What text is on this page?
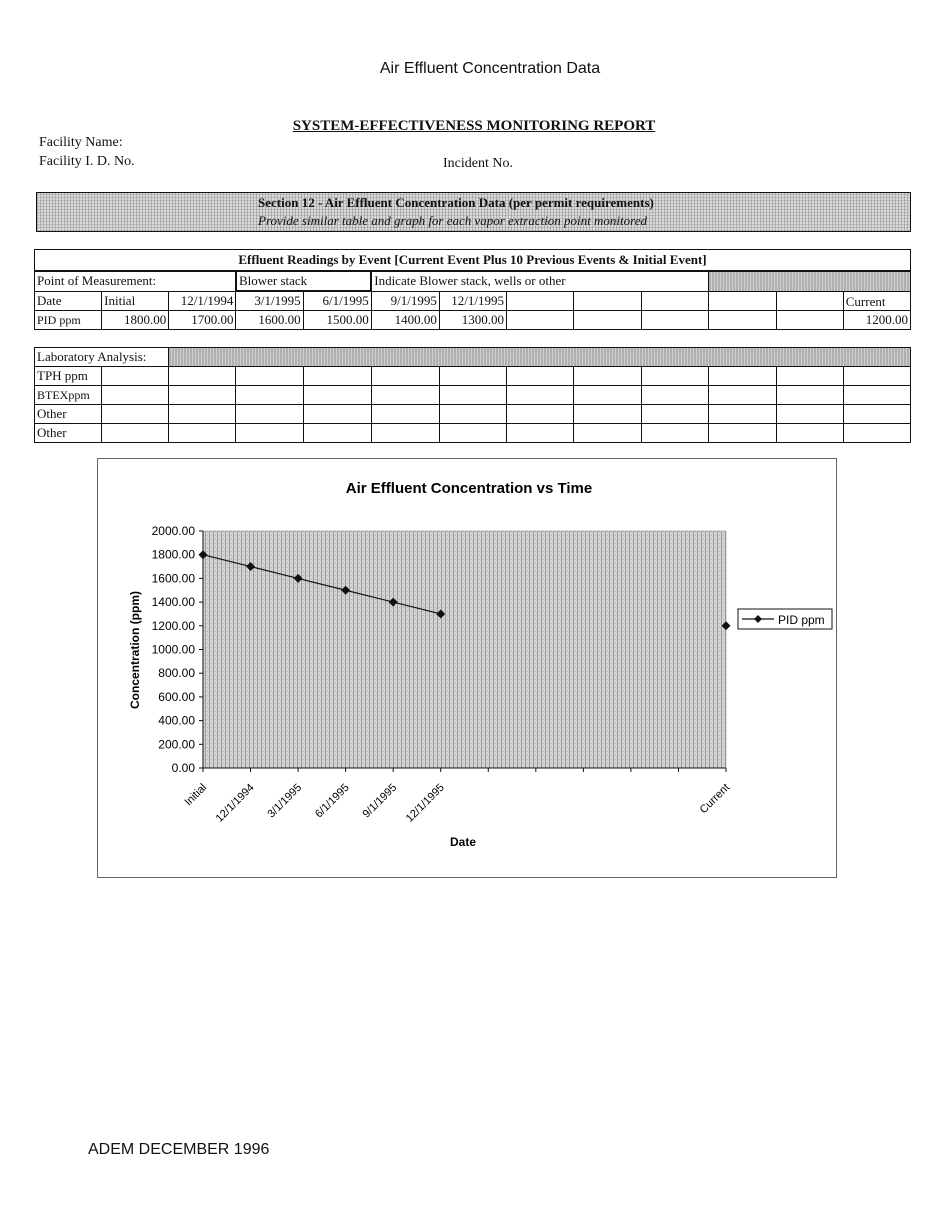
Air Effluent Concentration Data
SYSTEM-EFFECTIVENESS MONITORING REPORT
Facility Name:
Facility I. D. No.	Incident No.
Section 12 - Air Effluent Concentration Data (per permit requirements)
Provide similar table and graph for each vapor extraction point monitored
Effluent Readings by Event [Current Event Plus 10 Previous Events & Initial Event]
Point of Measurement:			Blower stack		Indicate Blower stack, wells or other							
Date	Initial	12/1/1994	3/1/1995	6/1/1995	9/1/1995	12/1/1995						Current
PID ppm	1800.00	1700.00	1600.00	1500.00	1400.00	1300.00						1200.00
Laboratory Analysis:												
TPH ppm												
BTEXppm												
Other												
Other												
Air Effluent Concentration vs Time
0.00
200.00
400.00
600.00
800.00
1000.00
1200.00
1400.00
1600.00
1800.00
2000.00
Initial 12/1/1994 3/1/1995 6/1/1995 9/1/1995 12/1/1995	Current
Concentration (ppm)
Date
PID ppm
ADEM DECEMBER 1996
